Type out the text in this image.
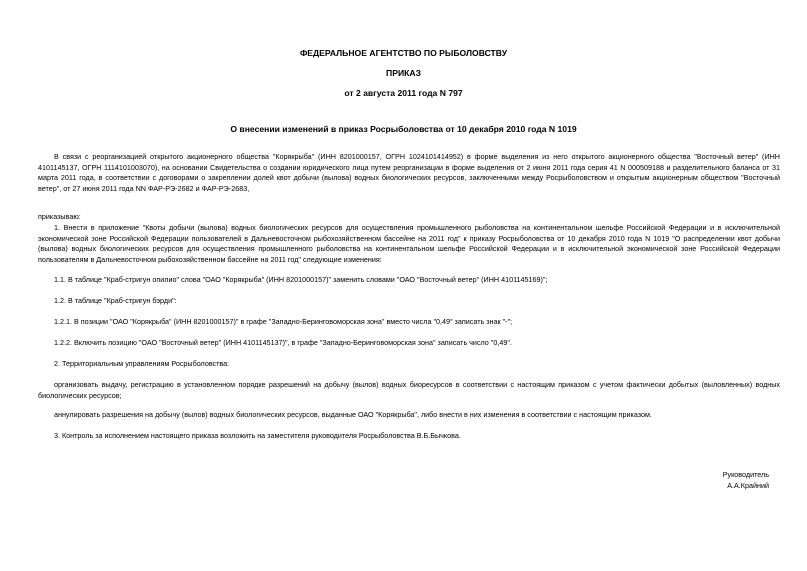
ФЕДЕРАЛЬНОЕ АГЕНТСТВО ПО РЫБОЛОВСТВУ
ПРИКАЗ
от 2 августа 2011 года N 797
О внесении изменений в приказ Росрыболовства от 10 декабря 2010 года N 1019
В связи с реорганизацией открытого акционерного общества "Корякрыба" (ИНН 8201000157, ОГРН 1024101414952) в форме выделения из него открытого акционерного общества "Восточный ветер" (ИНН 4101145137, ОГРН 1114101003070), на основании Свидетельства о создании юридического лица путем реорганизации в форме выделения от 2 июня 2011 года серия 41 N 000509188 и разделительного баланса от 31 марта 2011 года, в соответствии с договорами о закреплении долей квот добычи (вылова) водных биологических ресурсов, заключенными между Росрыболовством и открытым акционерным обществом "Восточный ветер", от 27 июня 2011 года NN ФАР-РЭ-2682 и ФАР-РЭ-2683,
приказываю:
1. Внести в приложение "Квоты добычи (вылова) водных биологических ресурсов для осуществления промышленного рыболовства на континентальном шельфе Российской Федерации и в исключительной экономической зоне Российской Федерации пользователей в Дальневосточном рыбохозяйственном бассейне на 2011 год" к приказу Росрыболовства от 10 декабря 2010 года N 1019 "О распределении квот добычи (вылова) водных биологических ресурсов для осуществления промышленного рыболовства на континентальном шельфе Российской Федерации и в исключительной экономической зоне Российской Федерации пользователям в Дальневосточном рыбохозяйственном бассейне на 2011 год" следующие изменения:
1.1. В таблице "Краб-стригун опилио" слова "ОАО "Корякрыба" (ИНН 8201000157)" заменить словами "ОАО "Восточный ветер" (ИНН 4101145169)";
1.2. В таблице "Краб-стригун бэрди":
1.2.1. В позиции "ОАО "Корякрыба" (ИНН 8201000157)" в графе "Западно-Беринговоморская зона" вместо числа "0,49" записать знак "-";
1.2.2. Включить позицию "ОАО "Восточный ветер" (ИНН 4101145137)", в графе "Западно-Беринговоморская зона" записать число "0,49".
2. Территориальным управлениям Росрыболовства:
организовать выдачу, регистрацию в установленном порядке разрешений на добычу (вылов) водных биоресурсов в соответствии с настоящим приказом с учетом фактически добытых (выловленных) водных биологических ресурсов;
аннулировать разрешения на добычу (вылов) водных биологических ресурсов, выданные ОАО "Корякрыба", либо внести в них изменения в соответствии с настоящим приказом.
3. Контроль за исполнением настоящего приказа возложить на заместителя руководителя Росрыболовства В.Б.Бычкова.
Руководитель
А.А.Крайний
